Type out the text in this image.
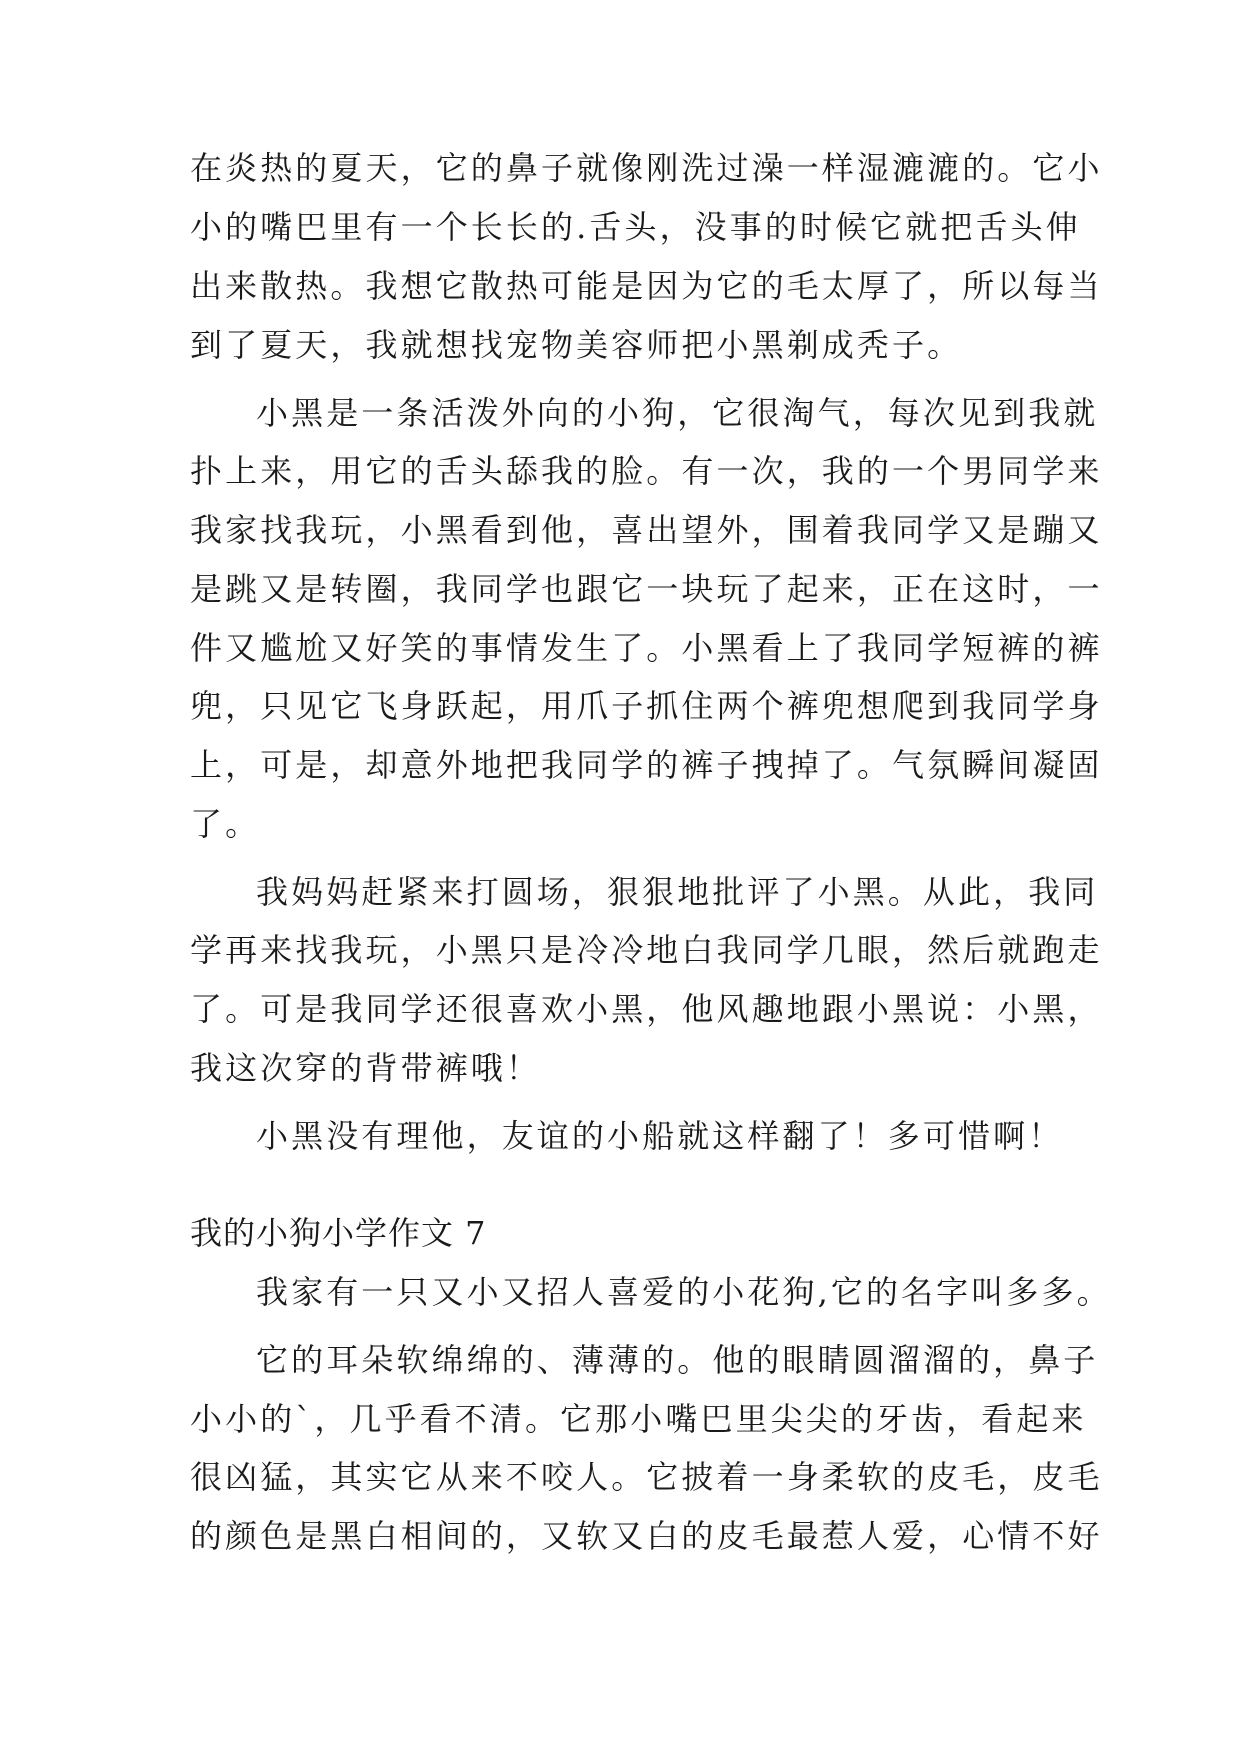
在炎热的夏天，它的鼻子就像刚洗过澡一样湿漉漉的。它小
小的嘴巴里有一个长长的.舌头，没事的时候它就把舌头伸
出来散热。我想它散热可能是因为它的毛太厚了，所以每当
到了夏天，我就想找宠物美容师把小黑剃成秃子。
小黑是一条活泼外向的小狗，它很淘气，每次见到我就
扑上来，用它的舌头舔我的脸。有一次，我的一个男同学来
我家找我玩，小黑看到他，喜出望外，围着我同学又是蹦又
是跳又是转圈，我同学也跟它一块玩了起来，正在这时，一
件又尴尬又好笑的事情发生了。小黑看上了我同学短裤的裤
兜，只见它飞身跃起，用爪子抓住两个裤兜想爬到我同学身
上，可是，却意外地把我同学的裤子拽掉了。气氛瞬间凝固
了。
我妈妈赶紧来打圆场，狠狠地批评了小黑。从此，我同
学再来找我玩，小黑只是冷冷地白我同学几眼，然后就跑走
了。可是我同学还很喜欢小黑，他风趣地跟小黑说：小黑，
我这次穿的背带裤哦！
小黑没有理他，友谊的小船就这样翻了！多可惜啊！
我的小狗小学作文 7
我家有一只又小又招人喜爱的小花狗,它的名字叫多多。
它的耳朵软绵绵的、薄薄的。他的眼睛圆溜溜的，鼻子
小小的`，几乎看不清。它那小嘴巴里尖尖的牙齿，看起来
很凶猛，其实它从来不咬人。它披着一身柔软的皮毛，皮毛
的颜色是黑白相间的，又软又白的皮毛最惹人爱，心情不好
